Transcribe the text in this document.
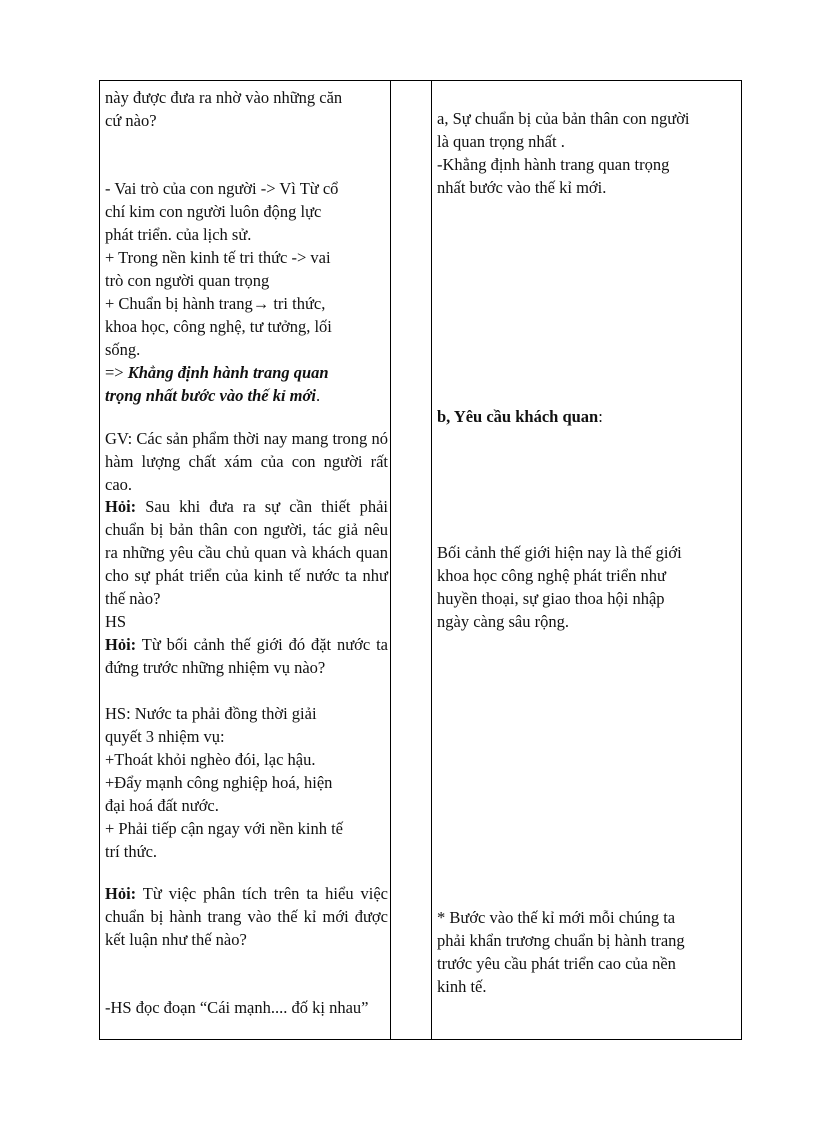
này được đưa ra nhờ vào những căn
cứ nào?
- Vai trò của con người -> Vì Từ cổ
chí kim con người luôn động lực
phát triển. của lịch sử.
+ Trong nền kinh tế tri thức -> vai
trò con người quan trọng
+ Chuẩn bị hành trang→ tri thức,
khoa học, công nghệ, tư tưởng, lối
sống.
=> Khẳng định hành trang quan
trọng nhất bước vào thế kỉ mới.
GV: Các sản phẩm thời nay mang trong nó hàm lượng chất xám của con người rất cao.
Hỏi: Sau khi đưa ra sự cần thiết phải chuẩn bị bản thân con người, tác giả nêu ra những yêu cầu chủ quan và khách quan cho sự phát triển của kinh tế nước ta như thế nào?
HS
Hỏi: Từ bối cảnh thế giới đó đặt nước ta đứng trước những nhiệm vụ nào?
HS: Nước ta phải đồng thời giải
quyết 3 nhiệm vụ:
+Thoát khỏi nghèo đói, lạc hậu.
+Đẩy mạnh công nghiệp hoá, hiện
đại hoá đất nước.
+ Phải tiếp cận ngay với nền kinh tế
trí thức.
Hỏi: Từ việc phân tích trên ta hiểu việc chuẩn bị hành trang vào thế kỉ mới được kết luận như thế nào?
-HS đọc đoạn “Cái mạnh.... đố kị nhau”
a, Sự chuẩn bị của bản thân con người
là quan trọng nhất .
-Khẳng định hành trang quan trọng
nhất bước vào thế kỉ mới.
b, Yêu cầu khách quan:
Bối cảnh thế giới hiện nay là thế giới
khoa học công nghệ phát triển như
huyền thoại, sự giao thoa hội nhập
ngày càng sâu rộng.
* Bước vào thế kỉ mới mỗi chúng ta
phải khẩn trương chuẩn bị hành trang
trước yêu cầu phát triển cao của nền
kinh tế.
